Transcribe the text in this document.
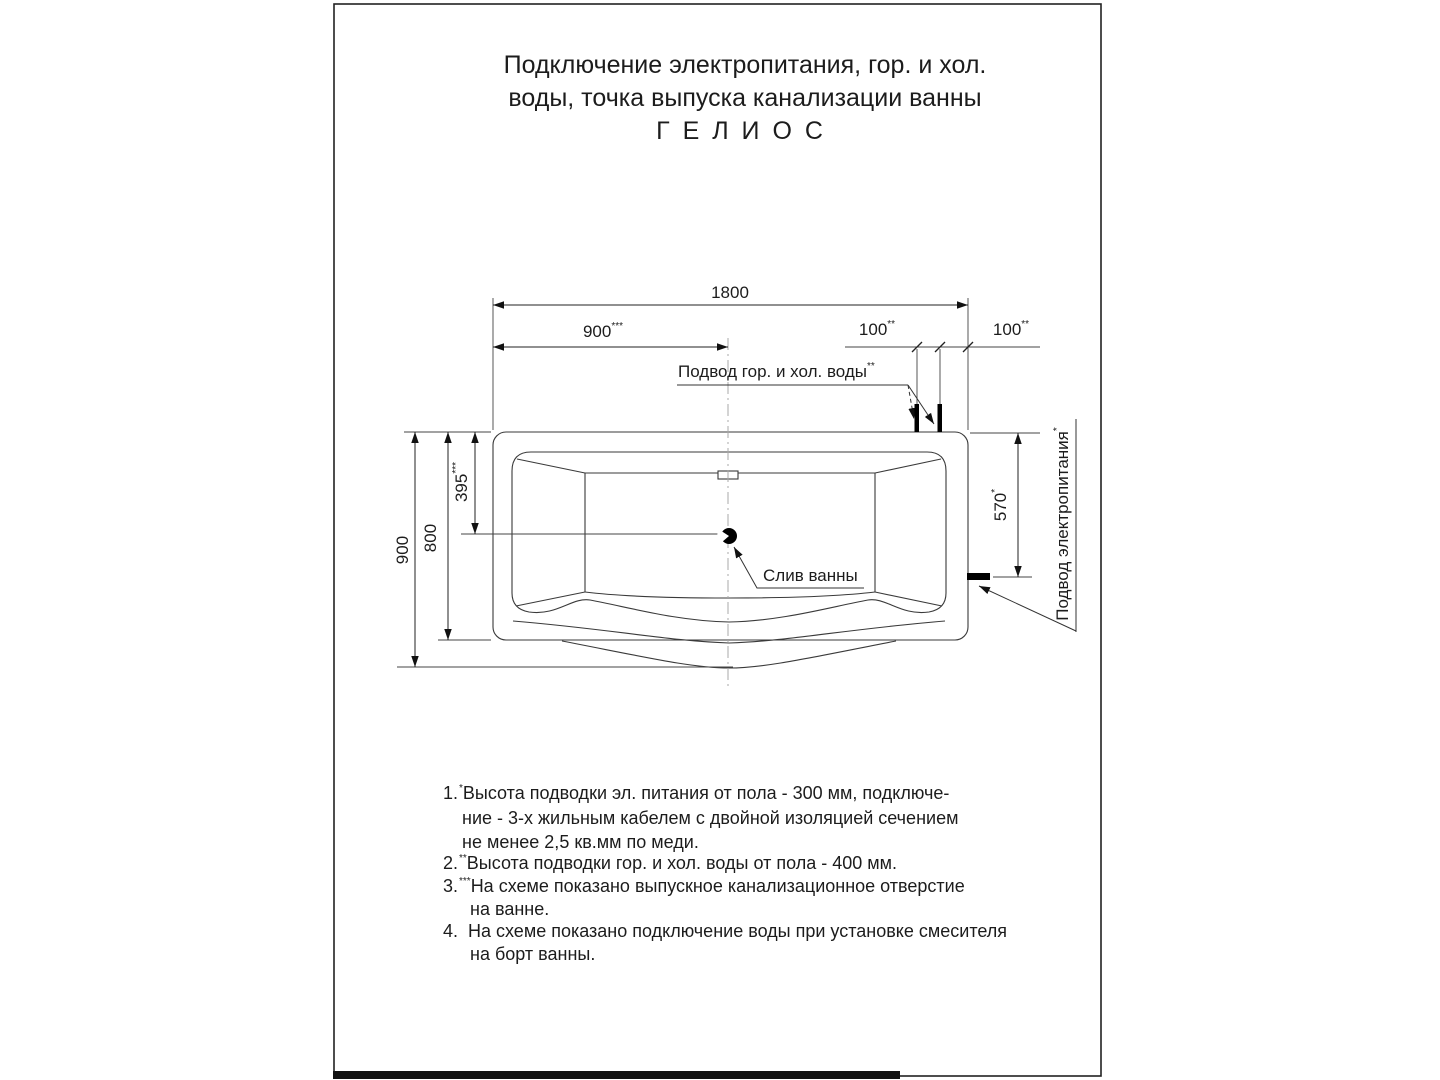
Подключение электропитания, гор. и хол.
воды, точка выпуска канализации ванны
Г Е Л И О С
1800
900***	100**	100**
900 800
395***
570*
Подвод гор. и хол. воды**
Слив ванны	Подвод электропитания*
1. *Высота подводки эл. питания от пола - 300 мм, подключе-
ние - 3-х жильным кабелем с двойной изоляцией сечением
не менее 2,5 кв.мм по меди.
2. **Высота подводки гор. и хол. воды от пола - 400 мм.
3. ***На схеме показано выпускное канализационное отверстие
на ванне.
4. На схеме показано подключение воды при установке смесителя
на борт ванны.
